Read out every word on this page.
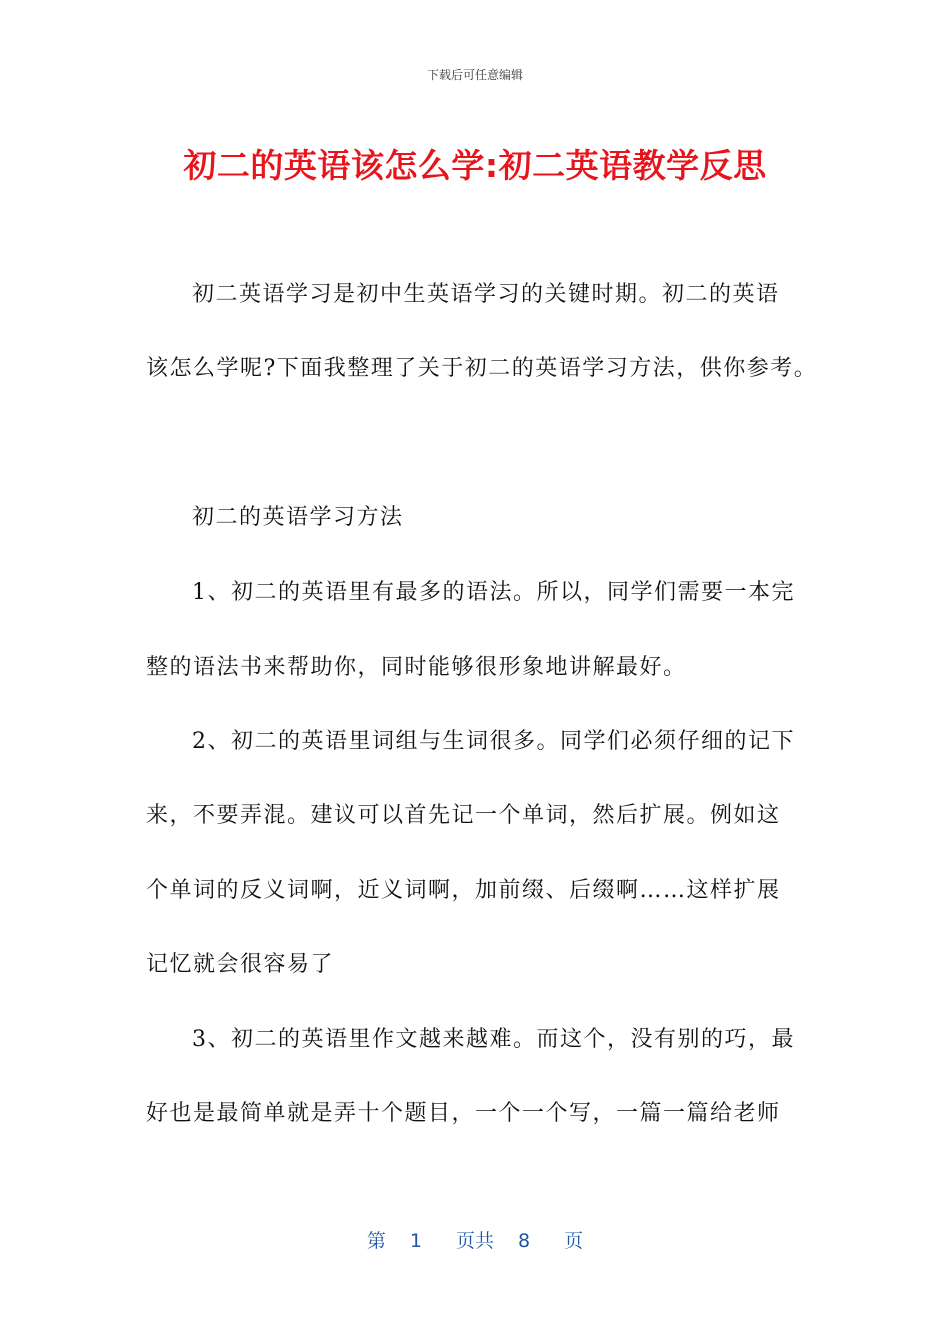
下载后可任意编辑
初二的英语该怎么学:初二英语教学反思
初二英语学习是初中生英语学习的关键时期。初二的英语
该怎么学呢?下面我整理了关于初二的英语学习方法，供你参考。
初二的英语学习方法
1、初二的英语里有最多的语法。所以，同学们需要一本完
整的语法书来帮助你，同时能够很形象地讲解最好。
2、初二的英语里词组与生词很多。同学们必须仔细的记下
来，不要弄混。建议可以首先记一个单词，然后扩展。例如这
个单词的反义词啊，近义词啊，加前缀、后缀啊……这样扩展
记忆就会很容易了
3、初二的英语里作文越来越难。而这个，没有别的巧，最
好也是最简单就是弄十个题目，一个一个写，一篇一篇给老师
第 1 页共 8 页
